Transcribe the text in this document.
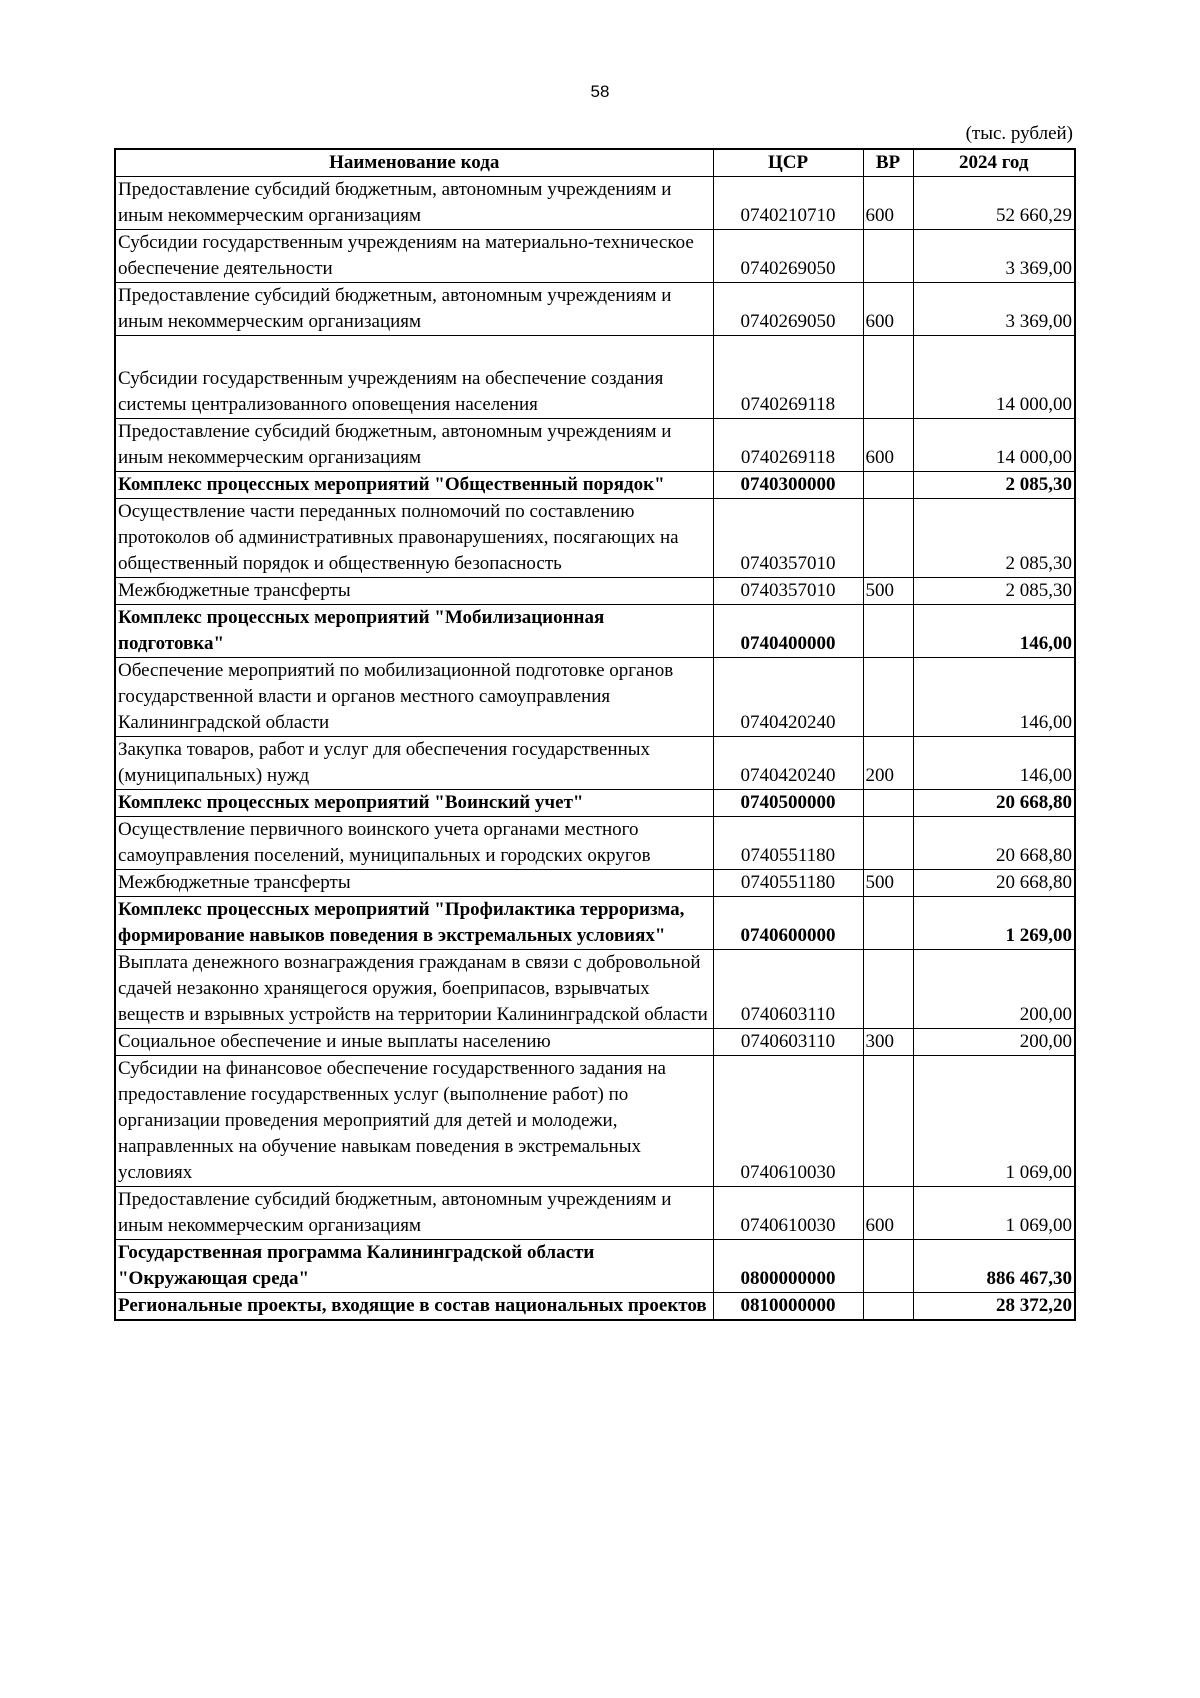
58
(тыс. рублей)
Наименование кода	ЦСР	ВР	2024 год
Предоставление субсидий бюджетным, автономным учреждениям и иным некоммерческим организациям	0740210710	600	52 660,29
Субсидии государственным учреждениям на материально-техническое обеспечение деятельности	0740269050		3 369,00
Предоставление субсидий бюджетным, автономным учреждениям и иным некоммерческим организациям	0740269050	600	3 369,00
Субсидии государственным учреждениям на обеспечение создания системы централизованного оповещения населения	0740269118		14 000,00
Предоставление субсидий бюджетным, автономным учреждениям и иным некоммерческим организациям	0740269118	600	14 000,00
Комплекс процессных мероприятий "Общественный порядок"	0740300000		2 085,30
Осуществление части переданных полномочий по составлению протоколов об административных правонарушениях, посягающих на общественный порядок и общественную безопасность	0740357010		2 085,30
Межбюджетные трансферты	0740357010	500	2 085,30
Комплекс процессных мероприятий "Мобилизационная подготовка"	0740400000		146,00
Обеспечение мероприятий по мобилизационной подготовке органов государственной власти и органов местного самоуправления Калининградской области	0740420240		146,00
Закупка товаров, работ и услуг для обеспечения государственных (муниципальных) нужд	0740420240	200	146,00
Комплекс процессных мероприятий "Воинский учет"	0740500000		20 668,80
Осуществление первичного воинского учета органами местного самоуправления поселений, муниципальных и городских округов	0740551180		20 668,80
Межбюджетные трансферты	0740551180	500	20 668,80
Комплекс процессных мероприятий "Профилактика терроризма, формирование навыков поведения в экстремальных условиях"	0740600000		1 269,00
Выплата денежного вознаграждения гражданам в связи с добровольной сдачей незаконно хранящегося оружия, боеприпасов, взрывчатых веществ и взрывных устройств на территории Калининградской области	0740603110		200,00
Социальное обеспечение и иные выплаты населению	0740603110	300	200,00
Субсидии на финансовое обеспечение государственного задания на предоставление государственных услуг (выполнение работ) по организации проведения мероприятий для детей и молодежи, направленных на обучение навыкам поведения в экстремальных условиях	0740610030		1 069,00
Предоставление субсидий бюджетным, автономным учреждениям и иным некоммерческим организациям	0740610030	600	1 069,00
Государственная программа Калининградской области "Окружающая среда"	0800000000		886 467,30
Региональные проекты, входящие в состав национальных проектов	0810000000		28 372,20
